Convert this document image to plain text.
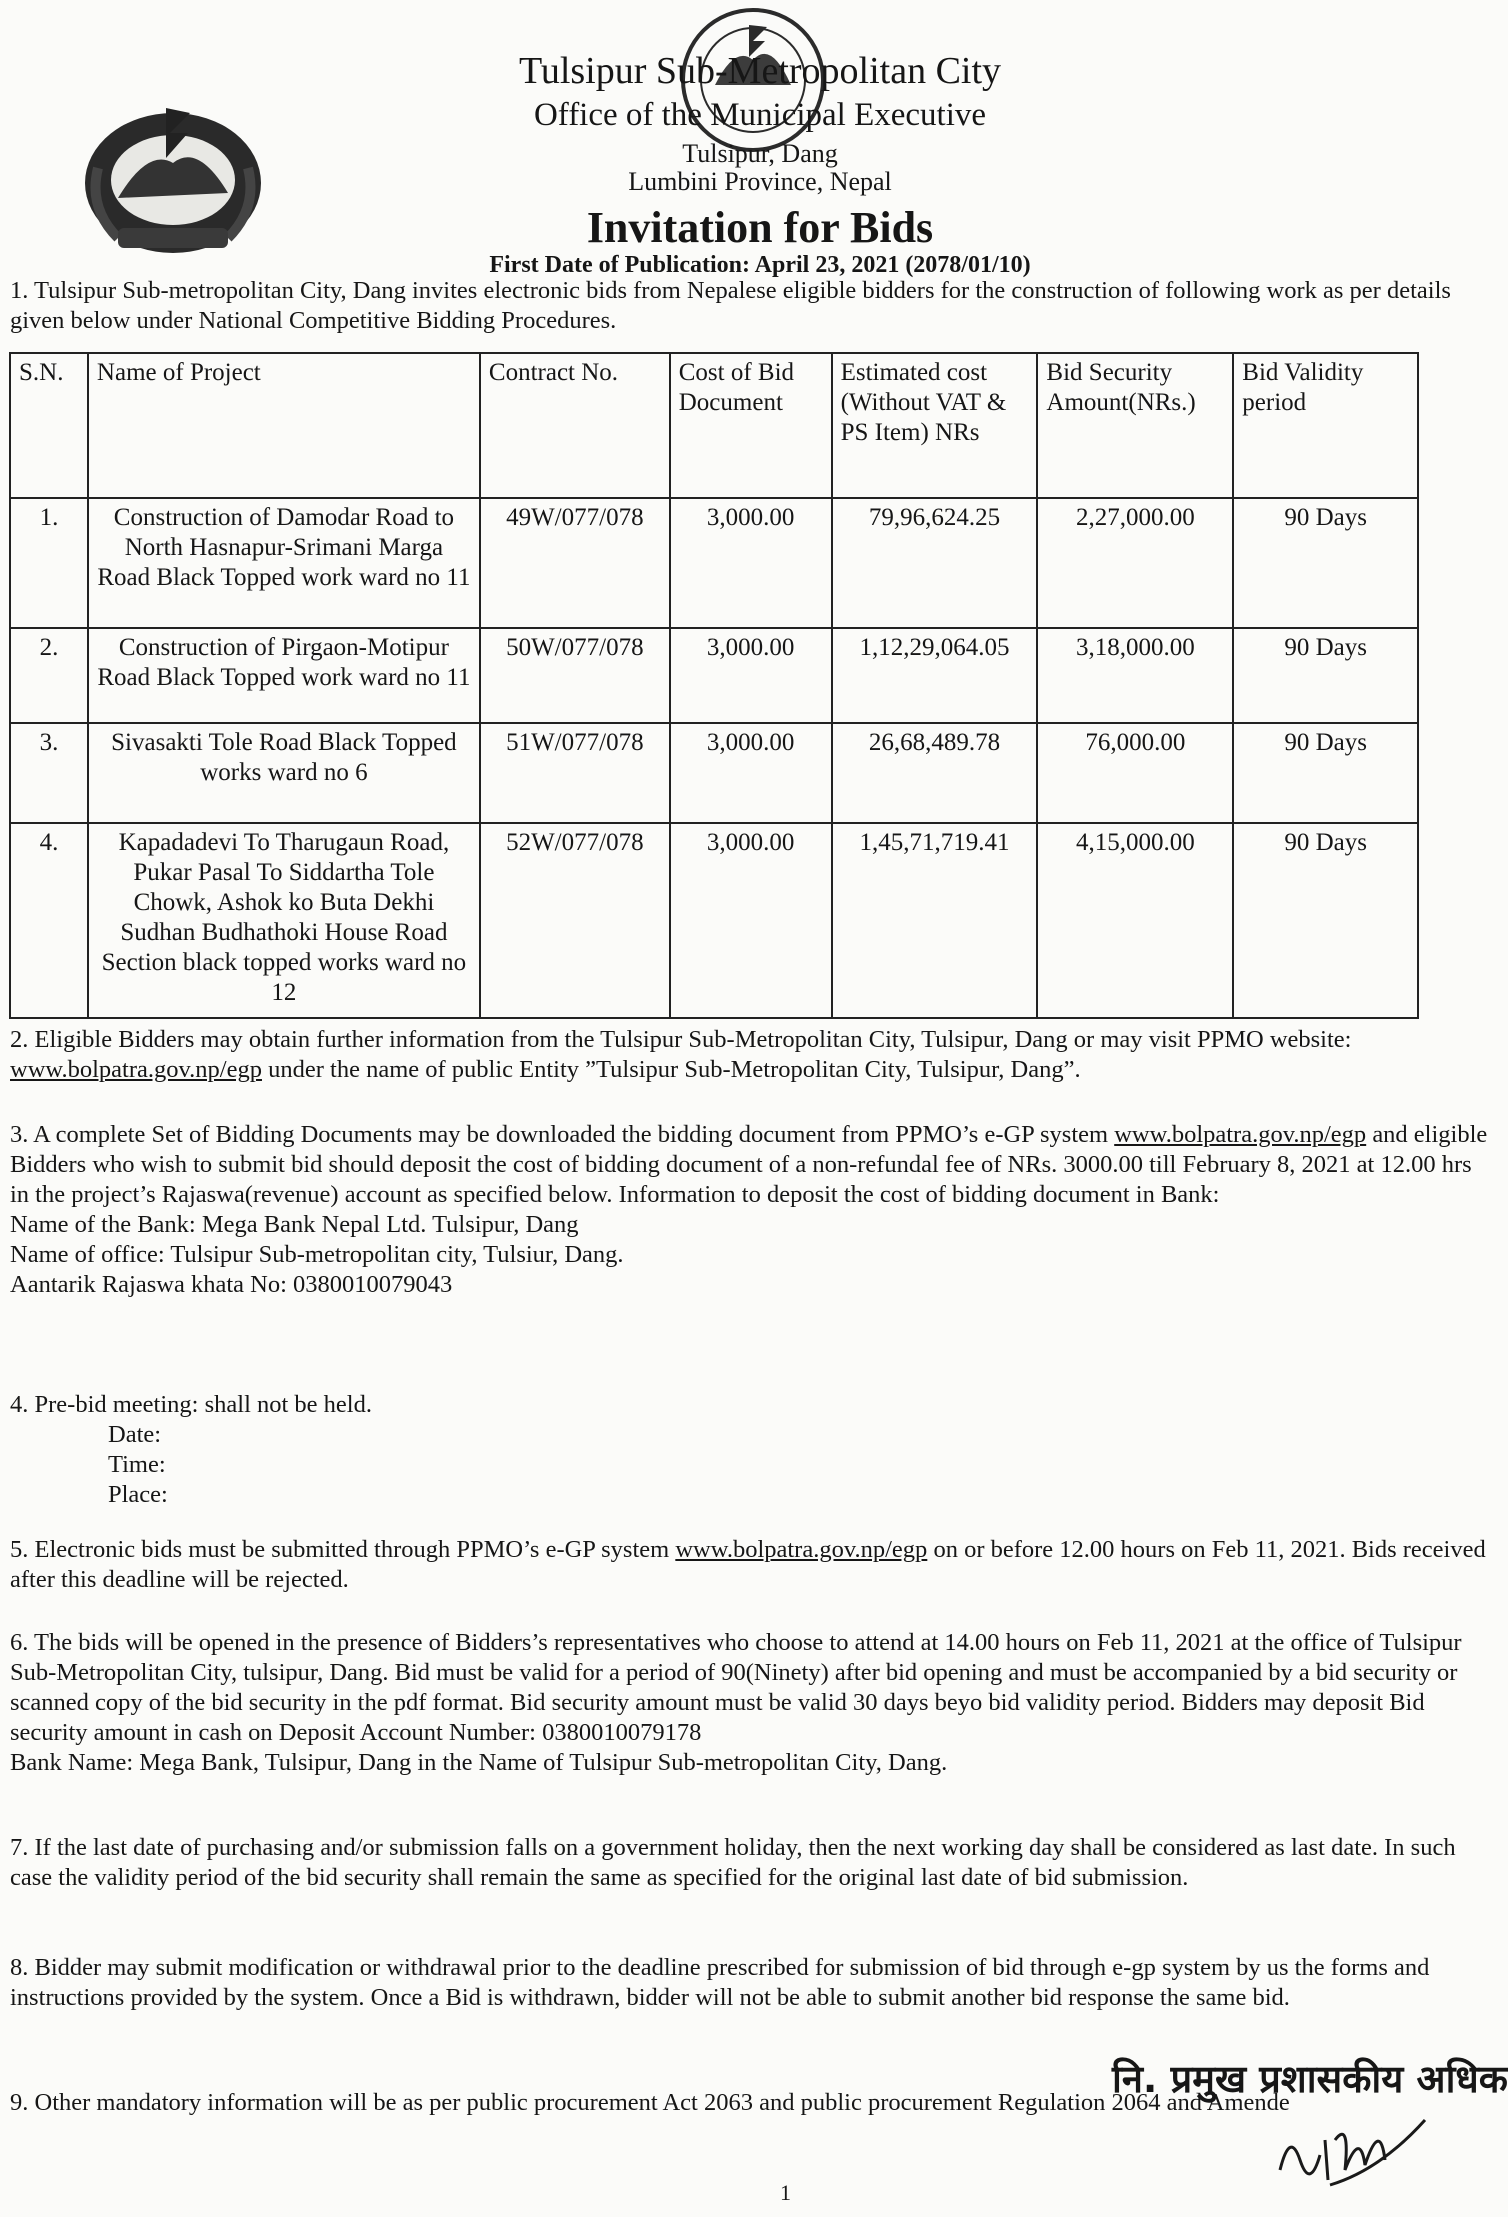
Tulsipur Sub-Metropolitan City
Office of the Municipal Executive
Tulsipur, Dang
Lumbini Province, Nepal
Invitation for Bids
First Date of Publication: April 23, 2021 (2078/01/10)

1. Tulsipur Sub-metropolitan City, Dang invites electronic bids from Nepalese eligible bidders for the construction of following work as per details given below under National Competitive Bidding Procedures.

S.N.	Name of Project	Contract No.	Cost of Bid Document	Estimated cost (Without VAT & PS Item) NRs	Bid Security Amount(NRs.)	Bid Validity period
1.	Construction of Damodar Road to North Hasnapur-Srimani Marga Road Black Topped work ward no 11	49W/077/078	3,000.00	79,96,624.25	2,27,000.00	90 Days
2.	Construction of Pirgaon-Motipur Road Black Topped work ward no 11	50W/077/078	3,000.00	1,12,29,064.05	3,18,000.00	90 Days
3.	Sivasakti Tole Road Black Topped works ward no 6	51W/077/078	3,000.00	26,68,489.78	76,000.00	90 Days
4.	Kapadadevi To Tharugaun Road, Pukar Pasal To Siddartha Tole Chowk, Ashok ko Buta Dekhi Sudhan Budhathoki House Road Section black topped works ward no 12	52W/077/078	3,000.00	1,45,71,719.41	4,15,000.00	90 Days

2. Eligible Bidders may obtain further information from the Tulsipur Sub-Metropolitan City, Tulsipur, Dang or may visit PPMO website: www.bolpatra.gov.np/egp under the name of public Entity ”Tulsipur Sub-Metropolitan City, Tulsipur, Dang”.

3. A complete Set of Bidding Documents may be downloaded the bidding document from PPMO’s e-GP system www.bolpatra.gov.np/egp and eligible Bidders who wish to submit bid should deposit the cost of bidding document of a non-refundal fee of NRs. 3000.00 till February 8, 2021 at 12.00 hrs in the project’s Rajaswa(revenue) account as specified below. Information to deposit the cost of bidding document in Bank:

Name of the Bank: Mega Bank Nepal Ltd. Tulsipur, Dang

Name of office: Tulsipur Sub-metropolitan city, Tulsiur, Dang.

Aantarik Rajaswa khata No: 0380010079043

4. Pre-bid meeting: shall not be held.

Date:

Time:

Place:

5. Electronic bids must be submitted through PPMO’s e-GP system www.bolpatra.gov.np/egp on or before 12.00 hours on Feb 11, 2021. Bids received after this deadline will be rejected.

6. The bids will be opened in the presence of Bidders’s representatives who choose to attend at 14.00 hours on Feb 11, 2021 at the office of Tulsipur Sub-Metropolitan City, tulsipur, Dang. Bid must be valid for a period of 90(Ninety) after bid opening and must be accompanied by a bid security or scanned copy of the bid security in the pdf format. Bid security amount must be valid 30 days beyo bid validity period. Bidders may deposit Bid security amount in cash on Deposit Account Number: 0380010079178

Bank Name: Mega Bank, Tulsipur, Dang in the Name of Tulsipur Sub-metropolitan City, Dang.

7. If the last date of purchasing and/or submission falls on a government holiday, then the next working day shall be considered as last date. In such case the validity period of the bid security shall remain the same as specified for the original last date of bid submission.

8. Bidder may submit modification or withdrawal prior to the deadline prescribed for submission of bid through e-gp system by us the forms and instructions provided by the system. Once a Bid is withdrawn, bidder will not be able to submit another bid response the same bid.

9. Other mandatory information will be as per public procurement Act 2063 and public procurement Regulation 2064 and Amende

नि. प्रमुख प्रशासकीय अधिक
1
